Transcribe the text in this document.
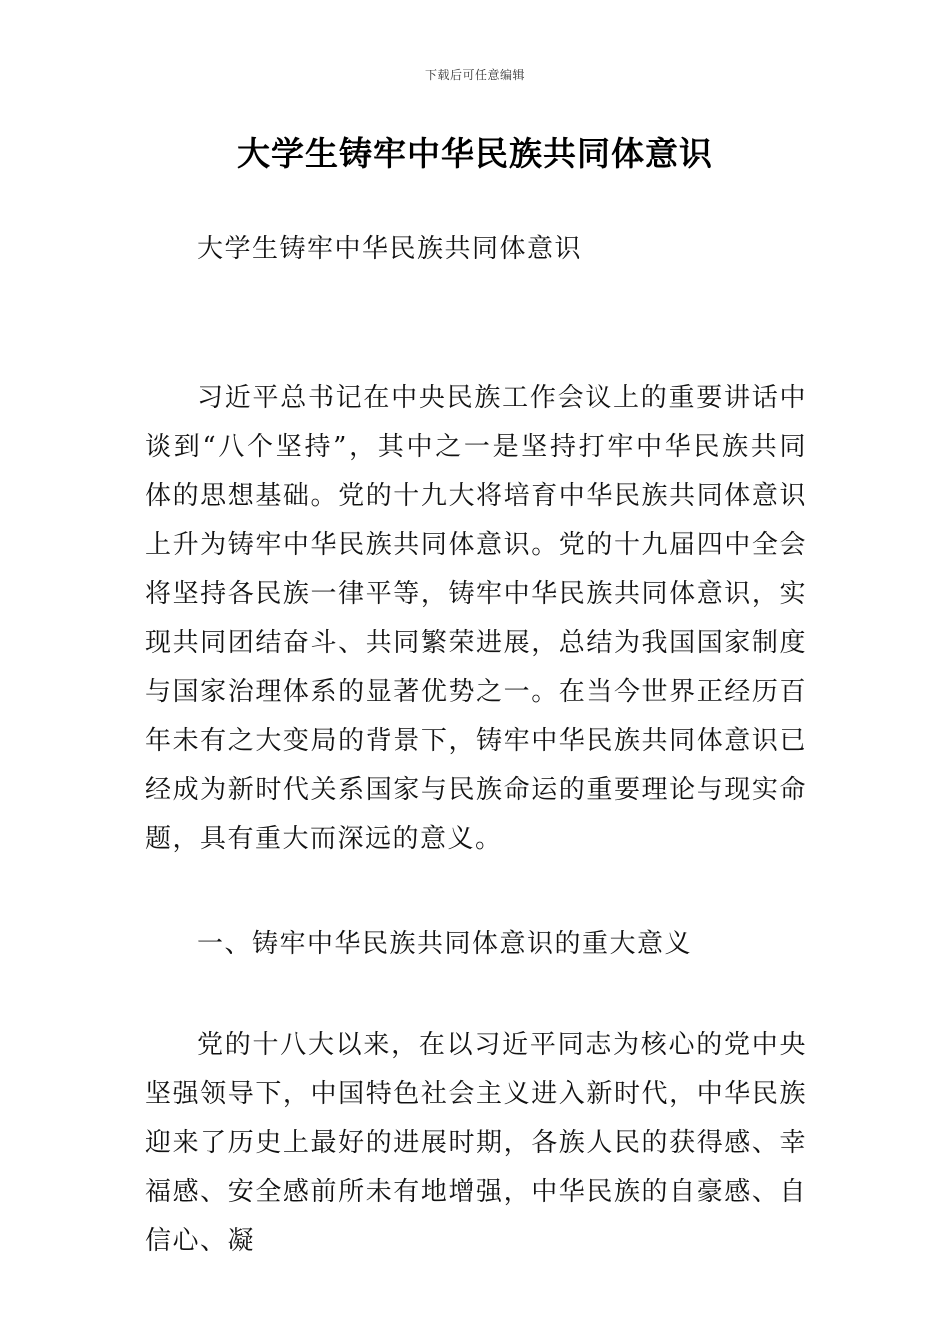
下载后可任意编辑
大学生铸牢中华民族共同体意识

大学生铸牢中华民族共同体意识

习近平总书记在中央民族工作会议上的重要讲话中谈到“八个坚持”，其中之一是坚持打牢中华民族共同体的思想基础。党的十九大将培育中华民族共同体意识上升为铸牢中华民族共同体意识。党的十九届四中全会将坚持各民族一律平等，铸牢中华民族共同体意识，实现共同团结奋斗、共同繁荣进展，总结为我国国家制度与国家治理体系的显著优势之一。在当今世界正经历百年未有之大变局的背景下，铸牢中华民族共同体意识已经成为新时代关系国家与民族命运的重要理论与现实命题，具有重大而深远的意义。

一、铸牢中华民族共同体意识的重大意义

党的十八大以来，在以习近平同志为核心的党中央坚强领导下，中国特色社会主义进入新时代，中华民族迎来了历史上最好的进展时期，各族人民的获得感、幸福感、安全感前所未有地增强，中华民族的自豪感、自信心、凝
